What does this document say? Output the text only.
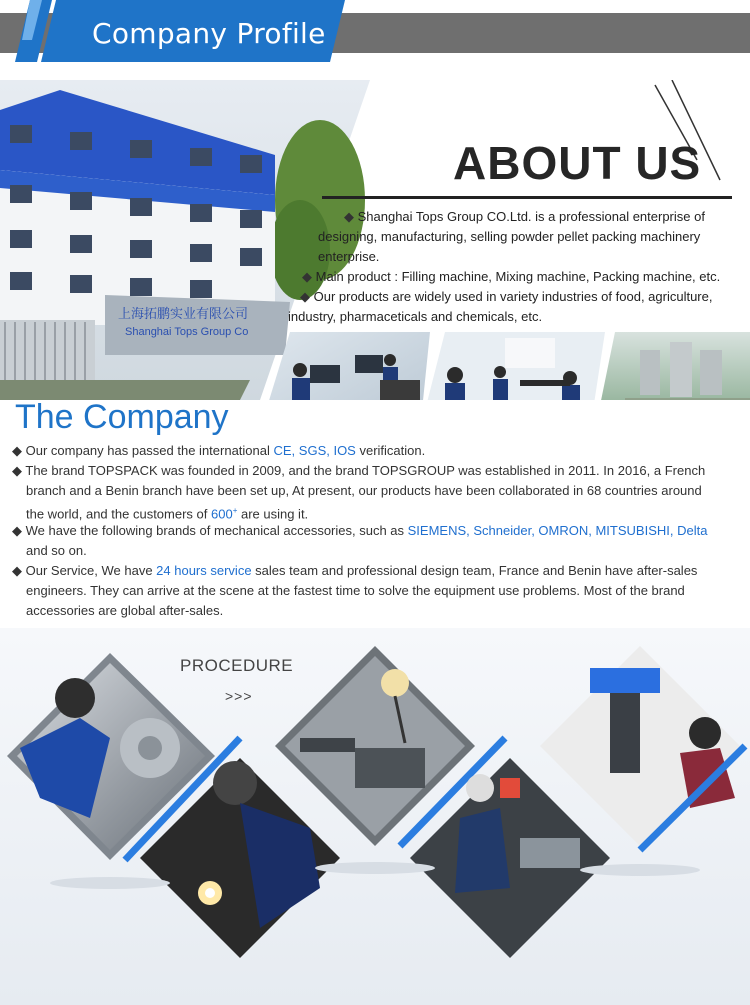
Company Profile
上海拓鹏实业有限公司
Shanghai Tops Group Co
ABOUT US
◆ Shanghai Tops Group CO.Ltd. is a professional enterprise of designing, manufacturing, selling powder pellet packing machinery enterprise.
◆ Main product : Filling machine, Mixing machine, Packing machine, etc.
◆ Our products are widely used in variety industries of food, agriculture, industry, pharmaceticals and chemicals, etc.
The Company
◆ Our company has passed the international CE, SGS, IOS verification.
◆ The brand TOPSPACK was founded in 2009, and the brand TOPSGROUP was established in 2011. In 2016, a French
branch and a Benin branch have been set up, At present, our products have been collaborated in 68 countries around
the world, and the customers of 600+ are using it.
◆ We have the following brands of mechanical accessories, such as SIEMENS, Schneider, OMRON, MITSUBISHI, Delta
and so on.
◆ Our Service, We have 24 hours service sales team and professional design team, France and Benin have after-sales
engineers. They can arrive at the scene at the fastest time to solve the equipment use problems. Most of the brand
accessories are global after-sales.
PROCEDURE
>>>
